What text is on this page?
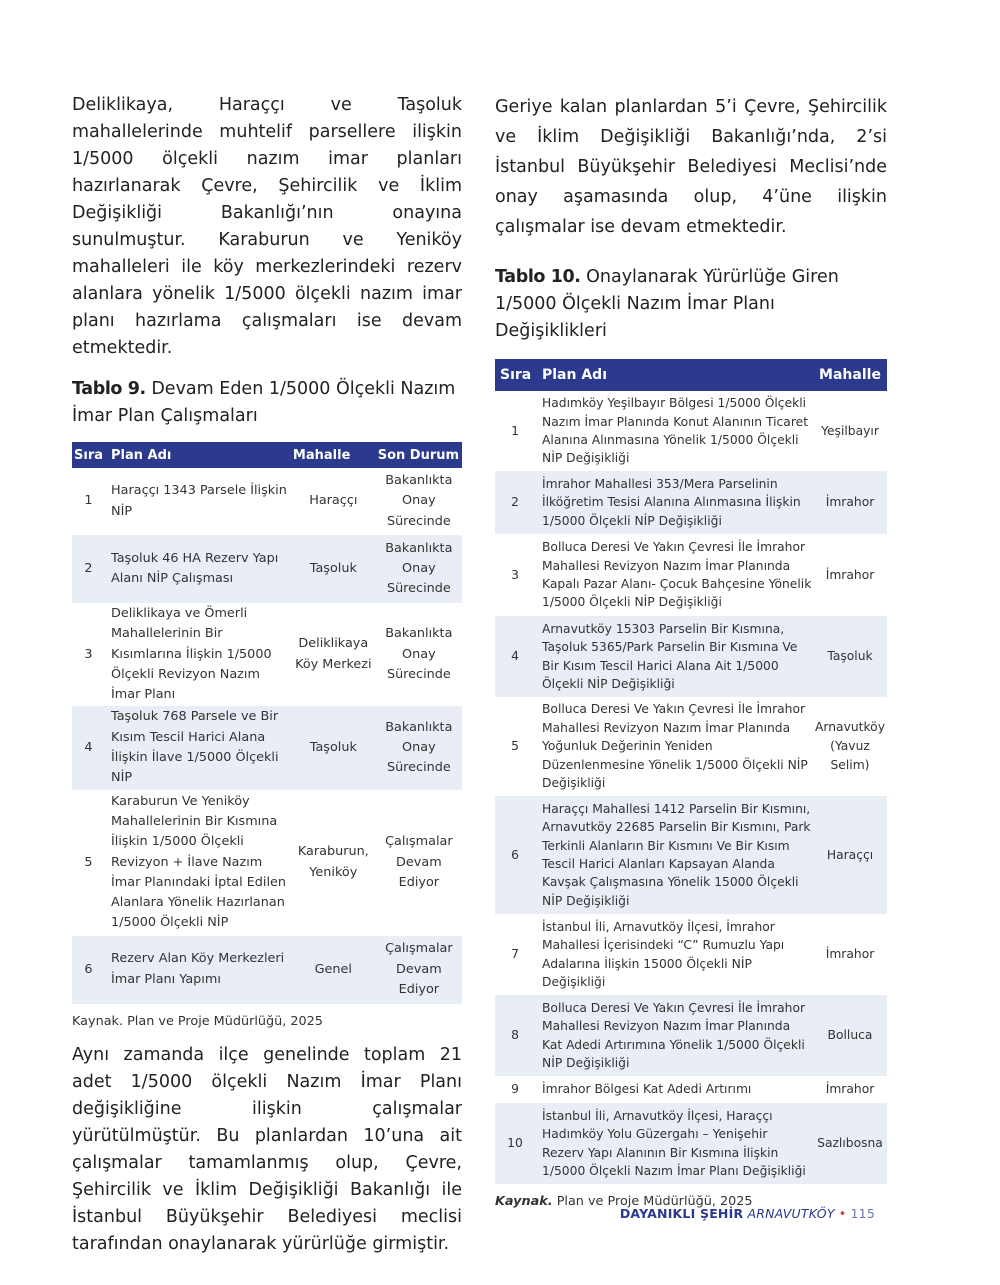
Deliklikaya, Haraççı ve Taşoluk mahallelerinde muhtelif parsellere ilişkin 1/5000 ölçekli nazım imar planları hazırlanarak Çevre, Şehircilik ve İklim Değişikliği Bakanlığı’nın onayına sunulmuştur. Karaburun ve Yeniköy mahalleleri ile köy merkezlerindeki rezerv alanlara yönelik 1/5000 ölçekli nazım imar planı hazırlama çalışmaları ise devam etmektedir.

Tablo 9. Devam Eden 1/5000 Ölçekli Nazım İmar Plan Çalışmaları

Sıra	Plan Adı	Mahalle	Son Durum
1	Haraççı 1343 Parsele İlişkin NİP	Haraççı	Bakanlıkta Onay Sürecinde
2	Taşoluk 46 HA Rezerv Yapı Alanı NİP Çalışması	Taşoluk	Bakanlıkta Onay Sürecinde
3	Deliklikaya ve Ömerli Mahallelerinin Bir Kısımlarına İlişkin 1/5000 Ölçekli Revizyon Nazım İmar Planı	Deliklikaya Köy Merkezi	Bakanlıkta Onay Sürecinde
4	Taşoluk 768 Parsele ve Bir Kısım Tescil Harici Alana İlişkin İlave 1/5000 Ölçekli NİP	Taşoluk	Bakanlıkta Onay Sürecinde
5	Karaburun Ve Yeniköy Mahallelerinin Bir Kısmına İlişkin 1/5000 Ölçekli Revizyon + İlave Nazım İmar Planındaki İptal Edilen Alanlara Yönelik Hazırlanan 1/5000 Ölçekli NİP	Karaburun, Yeniköy	Çalışmalar Devam Ediyor
6	Rezerv Alan Köy Merkezleri İmar Planı Yapımı	Genel	Çalışmalar Devam Ediyor
Kaynak. Plan ve Proje Müdürlüğü, 2025

Aynı zamanda ilçe genelinde toplam 21 adet 1/5000 ölçekli Nazım İmar Planı değişikliğine ilişkin çalışmalar yürütülmüştür. Bu planlardan 10’una ait çalışmalar tamamlanmış olup, Çevre, Şehircilik ve İklim Değişikliği Bakanlığı ile İstanbul Büyükşehir Belediyesi meclisi tarafından onaylanarak yürürlüğe girmiştir.

Geriye kalan planlardan 5’i Çevre, Şehircilik ve İklim Değişikliği Bakanlığı’nda, 2’si İstanbul Büyükşehir Belediyesi Meclisi’nde onay aşamasında olup, 4’üne ilişkin çalışmalar ise devam etmektedir.

Tablo 10. Onaylanarak Yürürlüğe Giren 1/5000 Ölçekli Nazım İmar Planı Değişiklikleri

Sıra	Plan Adı	Mahalle
1	Hadımköy Yeşilbayır Bölgesi 1/5000 Ölçekli Nazım İmar Planında Konut Alanının Ticaret Alanına Alınmasına Yönelik 1/5000 Ölçekli NİP Değişikliği	Yeşilbayır
2	İmrahor Mahallesi 353/Mera Parselinin İlköğretim Tesisi Alanına Alınmasına İlişkin 1/5000 Ölçekli NİP Değişikliği	İmrahor
3	Bolluca Deresi Ve Yakın Çevresi İle İmrahor Mahallesi Revizyon Nazım İmar Planında Kapalı Pazar Alanı- Çocuk Bahçesine Yönelik 1/5000 Ölçekli NİP Değişikliği	İmrahor
4	Arnavutköy 15303 Parselin Bir Kısmına, Taşoluk 5365/Park Parselin Bir Kısmına Ve Bir Kısım Tescil Harici Alana Ait 1/5000 Ölçekli NİP Değişikliği	Taşoluk
5	Bolluca Deresi Ve Yakın Çevresi İle İmrahor Mahallesi Revizyon Nazım İmar Planında Yoğunluk Değerinin Yeniden Düzenlenmesine Yönelik 1/5000 Ölçekli NİP Değişikliği	Arnavutköy (Yavuz Selim)
6	Haraççı Mahallesi 1412 Parselin Bir Kısmını, Arnavutköy 22685 Parselin Bir Kısmını, Park Terkinli Alanların Bir Kısmını Ve Bir Kısım Tescil Harici Alanları Kapsayan Alanda Kavşak Çalışmasına Yönelik 15000 Ölçekli NİP Değişikliği	Haraççı
7	İstanbul İli, Arnavutköy İlçesi, İmrahor Mahallesi İçerisindeki “C” Rumuzlu Yapı Adalarına İlişkin 15000 Ölçekli NİP Değişikliği	İmrahor
8	Bolluca Deresi Ve Yakın Çevresi İle İmrahor Mahallesi Revizyon Nazım İmar Planında Kat Adedi Artırımına Yönelik 1/5000 Ölçekli NİP Değişikliği	Bolluca
9	İmrahor Bölgesi Kat Adedi Artırımı	İmrahor
10	İstanbul İli, Arnavutköy İlçesi, Haraççı Hadımköy Yolu Güzergahı – Yenişehir Rezerv Yapı Alanının Bir Kısmına İlişkin 1/5000 Ölçekli Nazım İmar Planı Değişikliği	Sazlıbosna
Kaynak. Plan ve Proje Müdürlüğü, 2025
DAYANIKLI ŞEHİR ARNAVUTKÖY • 115
